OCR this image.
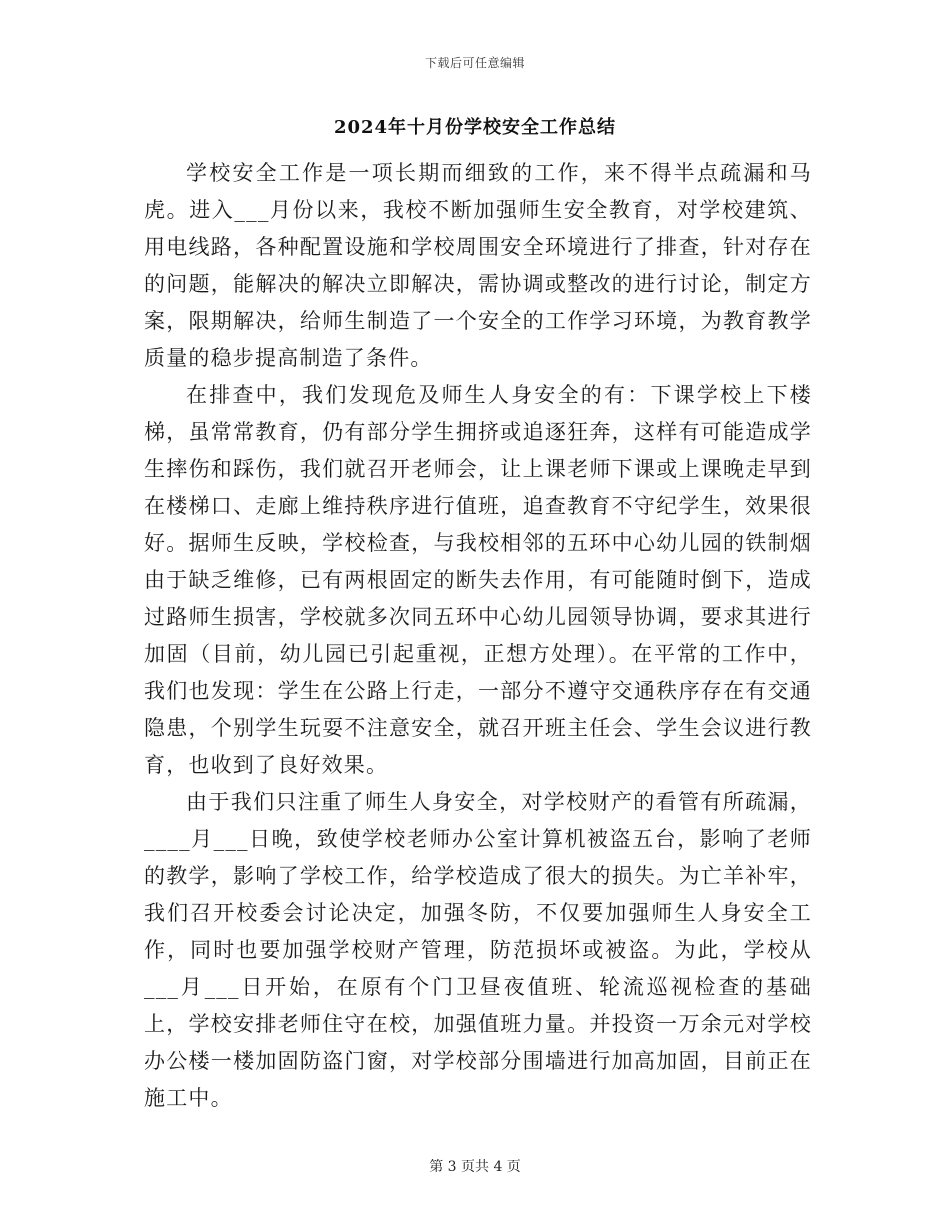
下载后可任意编辑
2024年十月份学校安全工作总结

学校安全工作是一项长期而细致的工作，来不得半点疏漏和马虎。进入___月份以来，我校不断加强师生安全教育，对学校建筑、用电线路，各种配置设施和学校周围安全环境进行了排查，针对存在的问题，能解决的解决立即解决，需协调或整改的进行讨论，制定方案，限期解决，给师生制造了一个安全的工作学习环境，为教育教学质量的稳步提高制造了条件。

在排查中，我们发现危及师生人身安全的有：下课学校上下楼梯，虽常常教育，仍有部分学生拥挤或追逐狂奔，这样有可能造成学生摔伤和踩伤，我们就召开老师会，让上课老师下课或上课晚走早到在楼梯口、走廊上维持秩序进行值班，追查教育不守纪学生，效果很好。据师生反映，学校检查，与我校相邻的五环中心幼儿园的铁制烟由于缺乏维修，已有两根固定的断失去作用，有可能随时倒下，造成过路师生损害，学校就多次同五环中心幼儿园领导协调，要求其进行加固（目前，幼儿园已引起重视，正想方处理）。在平常的工作中，我们也发现：学生在公路上行走，一部分不遵守交通秩序存在有交通隐患，个别学生玩耍不注意安全，就召开班主任会、学生会议进行教育，也收到了良好效果。

由于我们只注重了师生人身安全，对学校财产的看管有所疏漏，____月___日晚，致使学校老师办公室计算机被盗五台，影响了老师的教学，影响了学校工作，给学校造成了很大的损失。为亡羊补牢，我们召开校委会讨论决定，加强冬防，不仅要加强师生人身安全工作，同时也要加强学校财产管理，防范损坏或被盗。为此，学校从___月___日开始，在原有个门卫昼夜值班、轮流巡视检查的基础上，学校安排老师住守在校，加强值班力量。并投资一万余元对学校办公楼一楼加固防盗门窗，对学校部分围墙进行加高加固，目前正在施工中。

第 3 页共 4 页
